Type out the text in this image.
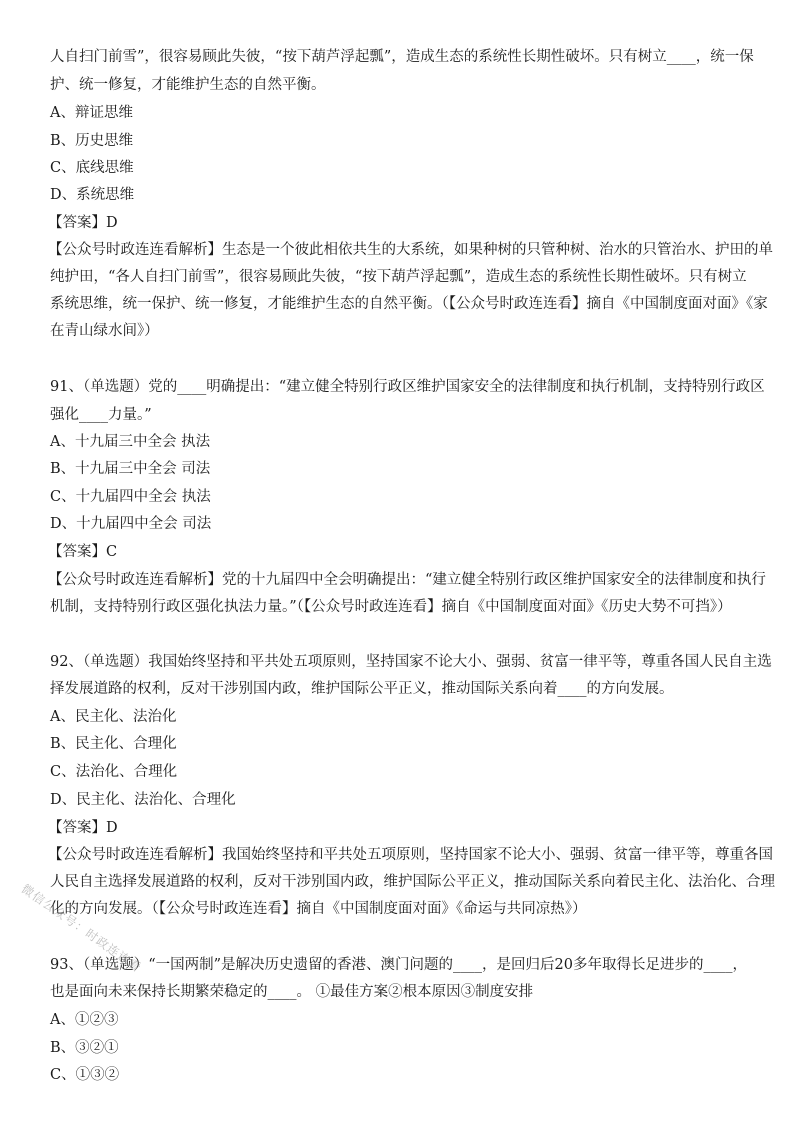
人自扫门前雪”，很容易顾此失彼，“按下葫芦浮起瓢”，造成生态的系统性长期性破坏。只有树立____，统一保
护、统一修复，才能维护生态的自然平衡。
A、辩证思维
B、历史思维
C、底线思维
D、系统思维
【答案】D
【公众号时政连连看解析】生态是一个彼此相依共生的大系统，如果种树的只管种树、治水的只管治水、护田的单
纯护田，“各人自扫门前雪”，很容易顾此失彼，“按下葫芦浮起瓢”，造成生态的系统性长期性破坏。只有树立
系统思维，统一保护、统一修复，才能维护生态的自然平衡。（【公众号时政连连看】摘自《中国制度面对面》《家
在青山绿水间》）
91、（单选题）党的____明确提出：“建立健全特别行政区维护国家安全的法律制度和执行机制，支持特别行政区
强化____力量。”
A、十九届三中全会 执法
B、十九届三中全会 司法
C、十九届四中全会 执法
D、十九届四中全会 司法
【答案】C
【公众号时政连连看解析】党的十九届四中全会明确提出：“建立健全特别行政区维护国家安全的法律制度和执行
机制，支持特别行政区强化执法力量。”（【公众号时政连连看】摘自《中国制度面对面》《历史大势不可挡》）
92、（单选题）我国始终坚持和平共处五项原则，坚持国家不论大小、强弱、贫富一律平等，尊重各国人民自主选
择发展道路的权利，反对干涉别国内政，维护国际公平正义，推动国际关系向着____的方向发展。
A、民主化、法治化
B、民主化、合理化
C、法治化、合理化
D、民主化、法治化、合理化
【答案】D
【公众号时政连连看解析】我国始终坚持和平共处五项原则，坚持国家不论大小、强弱、贫富一律平等，尊重各国
人民自主选择发展道路的权利，反对干涉别国内政，维护国际公平正义，推动国际关系向着民主化、法治化、合理
化的方向发展。（【公众号时政连连看】摘自《中国制度面对面》《命运与共同凉热》）
93、（单选题）“一国两制”是解决历史遗留的香港、澳门问题的____，是回归后20多年取得长足进步的____，
也是面向未来保持长期繁荣稳定的____。 ①最佳方案②根本原因③制度安排
A、①②③
B、③②①
C、①③②
微信公众号：时政连连看
